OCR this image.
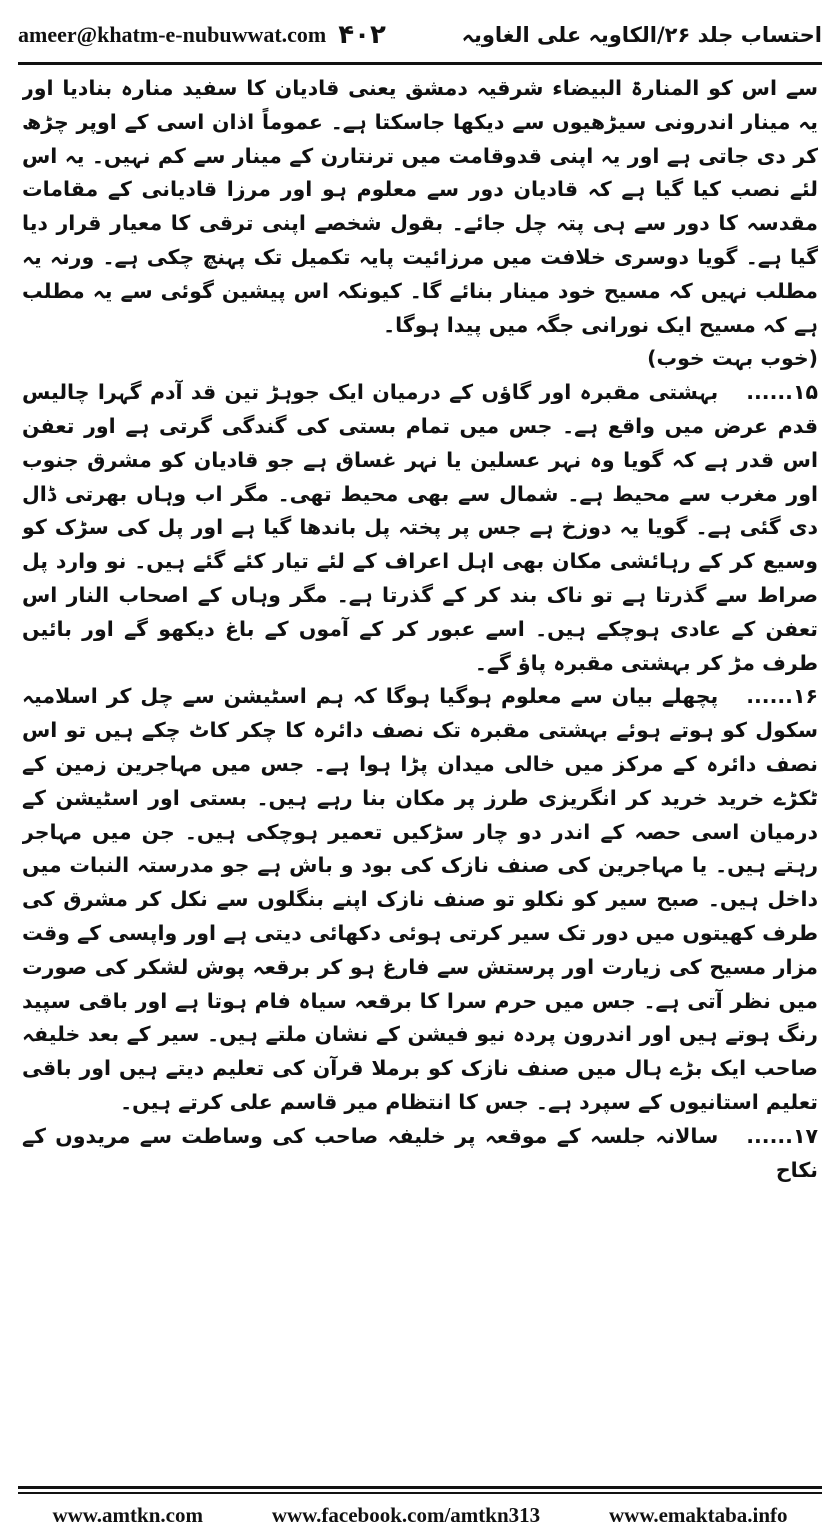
ameer@khatm-e-nubuwwat.com ۴۰۲	احتساب جلد ۲۶/الکاویہ علی الغاویہ

سے اس کو المنارۃ البیضاء شرقیہ دمشق یعنی قادیان کا سفید منارہ بنادیا اور یہ مینار اندرونی سیڑھیوں سے دیکھا جاسکتا ہے۔ عموماً اذان اسی کے اوپر چڑھ کر دی جاتی ہے اور یہ اپنی قدوقامت میں ترنتارن کے مینار سے کم نہیں۔ یہ اس لئے نصب کیا گیا ہے کہ قادیان دور سے معلوم ہو اور مرزا قادیانی کے مقامات مقدسہ کا دور سے ہی پتہ چل جائے۔ بقول شخصے اپنی ترقی کا معیار قرار دیا گیا ہے۔ گویا دوسری خلافت میں مرزائیت پایہ تکمیل تک پہنچ چکی ہے۔ ورنہ یہ مطلب نہیں کہ مسیح خود مینار بنائے گا۔ کیونکہ اس پیشین گوئی سے یہ مطلب ہے کہ مسیح ایک نورانی جگہ میں پیدا ہوگا۔

(خوب بہت خوب)

۱۵......بہشتی مقبرہ اور گاؤں کے درمیان ایک جوہڑ تین قد آدم گہرا چالیس قدم عرض میں واقع ہے۔ جس میں تمام بستی کی گندگی گرتی ہے اور تعفن اس قدر ہے کہ گویا وہ نہر عسلین یا نہر غساق ہے جو قادیان کو مشرق جنوب اور مغرب سے محیط ہے۔ شمال سے بھی محیط تھی۔ مگر اب وہاں بھرتی ڈال دی گئی ہے۔ گویا یہ دوزخ ہے جس پر پختہ پل باندھا گیا ہے اور پل کی سڑک کو وسیع کر کے رہائشی مکان بھی اہل اعراف کے لئے تیار کئے گئے ہیں۔ نو وارد پل صراط سے گذرتا ہے تو ناک بند کر کے گذرتا ہے۔ مگر وہاں کے اصحاب النار اس تعفن کے عادی ہوچکے ہیں۔ اسے عبور کر کے آموں کے باغ دیکھو گے اور بائیں طرف مڑ کر بہشتی مقبرہ پاؤ گے۔

۱۶......پچھلے بیان سے معلوم ہوگیا ہوگا کہ ہم اسٹیشن سے چل کر اسلامیہ سکول کو ہوتے ہوئے بہشتی مقبرہ تک نصف دائرہ کا چکر کاٹ چکے ہیں تو اس نصف دائرہ کے مرکز میں خالی میدان پڑا ہوا ہے۔ جس میں مہاجرین زمین کے ٹکڑے خرید خرید کر انگریزی طرز پر مکان بنا رہے ہیں۔ بستی اور اسٹیشن کے درمیان اسی حصہ کے اندر دو چار سڑکیں تعمیر ہوچکی ہیں۔ جن میں مہاجر رہتے ہیں۔ یا مہاجرین کی صنف نازک کی بود و باش ہے جو مدرستہ النبات میں داخل ہیں۔ صبح سیر کو نکلو تو صنف نازک اپنے بنگلوں سے نکل کر مشرق کی طرف کھیتوں میں دور تک سیر کرتی ہوئی دکھائی دیتی ہے اور واپسی کے وقت مزار مسیح کی زیارت اور پرستش سے فارغ ہو کر برقعہ پوش لشکر کی صورت میں نظر آتی ہے۔ جس میں حرم سرا کا برقعہ سیاہ فام ہوتا ہے اور باقی سپید رنگ ہوتے ہیں اور اندرون پردہ نیو فیشن کے نشان ملتے ہیں۔ سیر کے بعد خلیفہ صاحب ایک بڑے ہال میں صنف نازک کو برملا قرآن کی تعلیم دیتے ہیں اور باقی تعلیم استانیوں کے سپرد ہے۔ جس کا انتظام میر قاسم علی کرتے ہیں۔

۱۷......سالانہ جلسہ کے موقعہ پر خلیفہ صاحب کی وساطت سے مریدوں کے نکاح

www.amtkn.com	www.facebook.com/amtkn313	www.emaktaba.info
